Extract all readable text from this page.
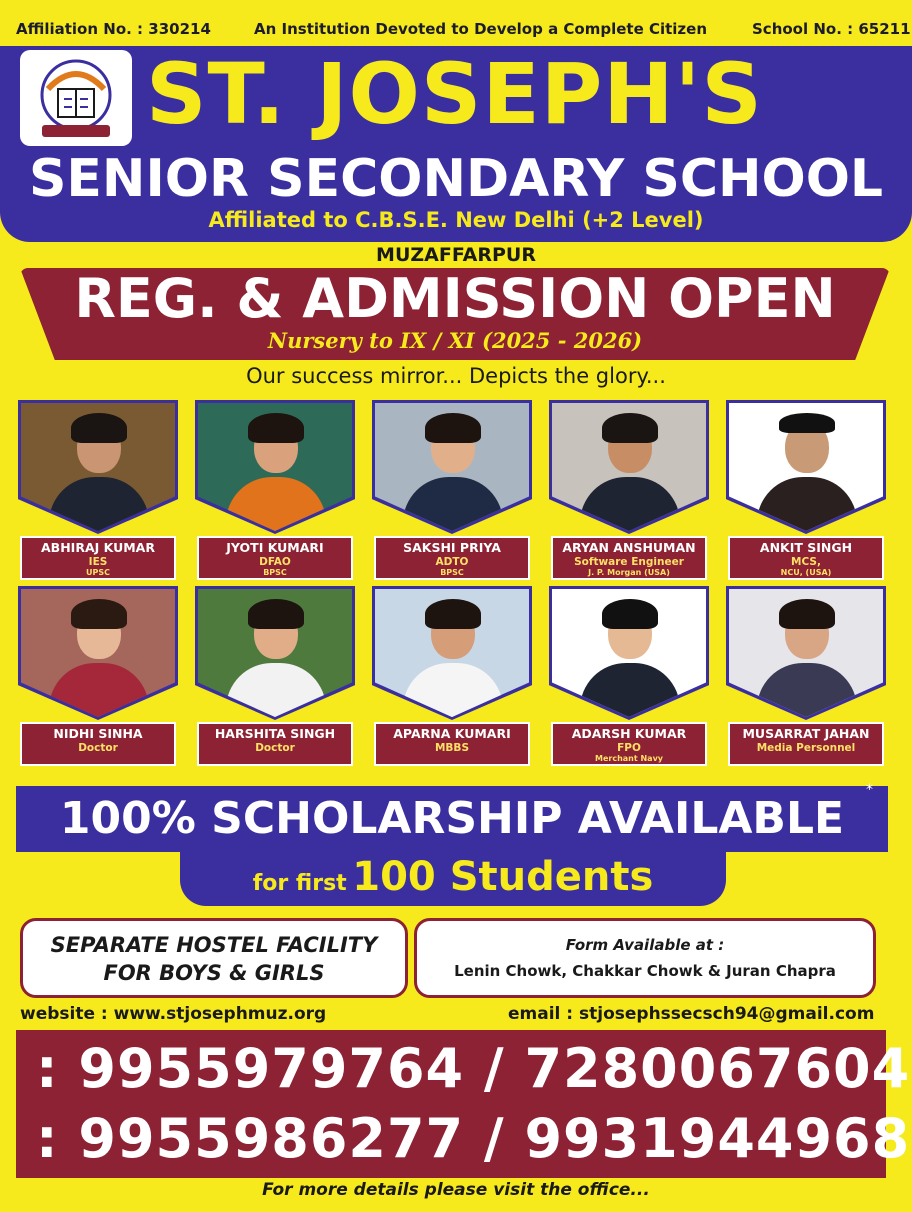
Affiliation No. : 330214	An Institution Devoted to Develop a Complete Citizen	School No. : 65211
ST. JOSEPH'S
SENIOR SECONDARY SCHOOL
Affiliated to C.B.S.E. New Delhi (+2 Level)
MUZAFFARPUR
REG. & ADMISSION OPEN
Nursery to IX / XI (2025 - 2026)
Our success mirror... Depicts the glory...
ABHIRAJ KUMAR
IES
UPSC
JYOTI KUMARI
DFAO
BPSC
SAKSHI PRIYA
ADTO
BPSC
ARYAN ANSHUMAN
Software Engineer
J. P. Morgan (USA)
ANKIT SINGH
MCS,
NCU, (USA)
NIDHI SINHA
Doctor
HARSHITA SINGH
Doctor
APARNA KUMARI
MBBS
ADARSH KUMAR
FPO
Merchant Navy
MUSARRAT JAHAN
Media Personnel
100% SCHOLARSHIP AVAILABLE
*
for first 100 Students
SEPARATE HOSTEL FACILITY
FOR BOYS & GIRLS
Form Available at :
Lenin Chowk, Chakkar Chowk & Juran Chapra
website : www.stjosephmuz.org	email : stjosephssecsch94@gmail.com
: 9955979764 / 7280067604
: 9955986277 / 9931944968
For more details please visit the office...
